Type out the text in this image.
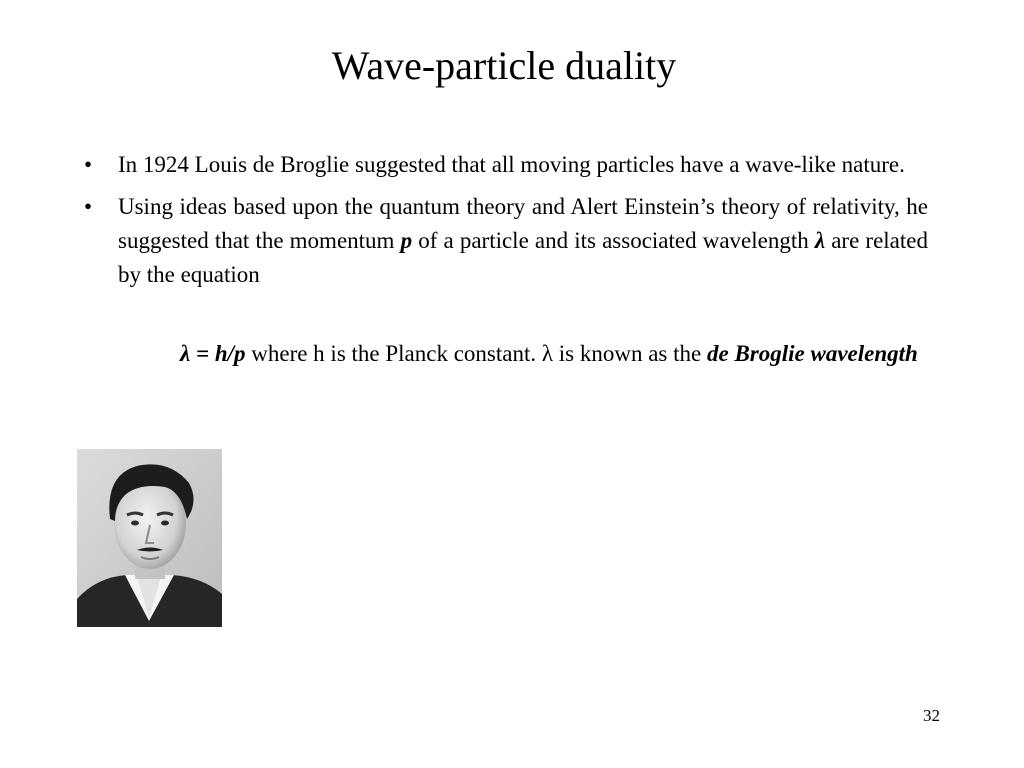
Wave-particle duality
• In 1924 Louis de Broglie suggested that all moving particles have a wave-like nature.
• Using ideas based upon the quantum theory and Alert Einstein’s theory of relativity, he suggested that the momentum p of a particle and its associated wavelength λ are related by the equation
λ = h/p where h is the Planck constant. λ is known as the de Broglie wavelength
32
